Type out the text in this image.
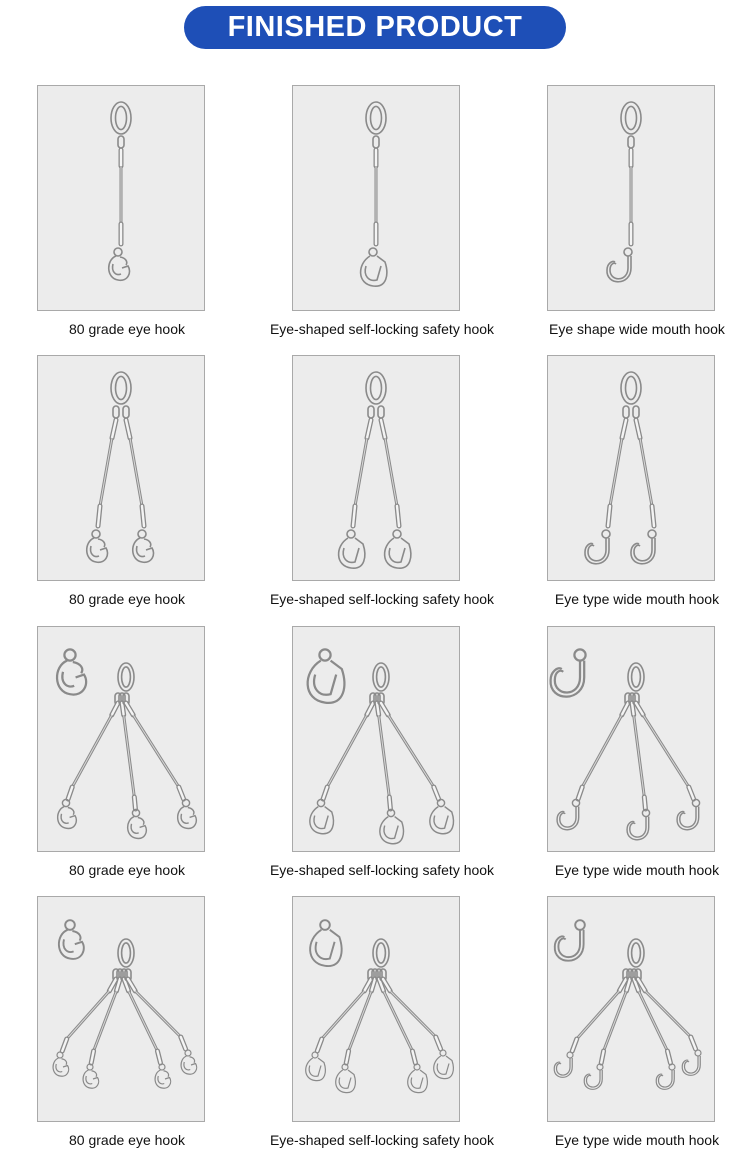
FINISHED PRODUCT
80 grade eye hook	Eye-shaped self-locking safety hook	Eye shape wide mouth hook
80 grade eye hook	Eye-shaped self-locking safety hook	Eye type wide mouth hook
80 grade eye hook	Eye-shaped self-locking safety hook	Eye type wide mouth hook
80 grade eye hook	Eye-shaped self-locking safety hook	Eye type wide mouth hook
